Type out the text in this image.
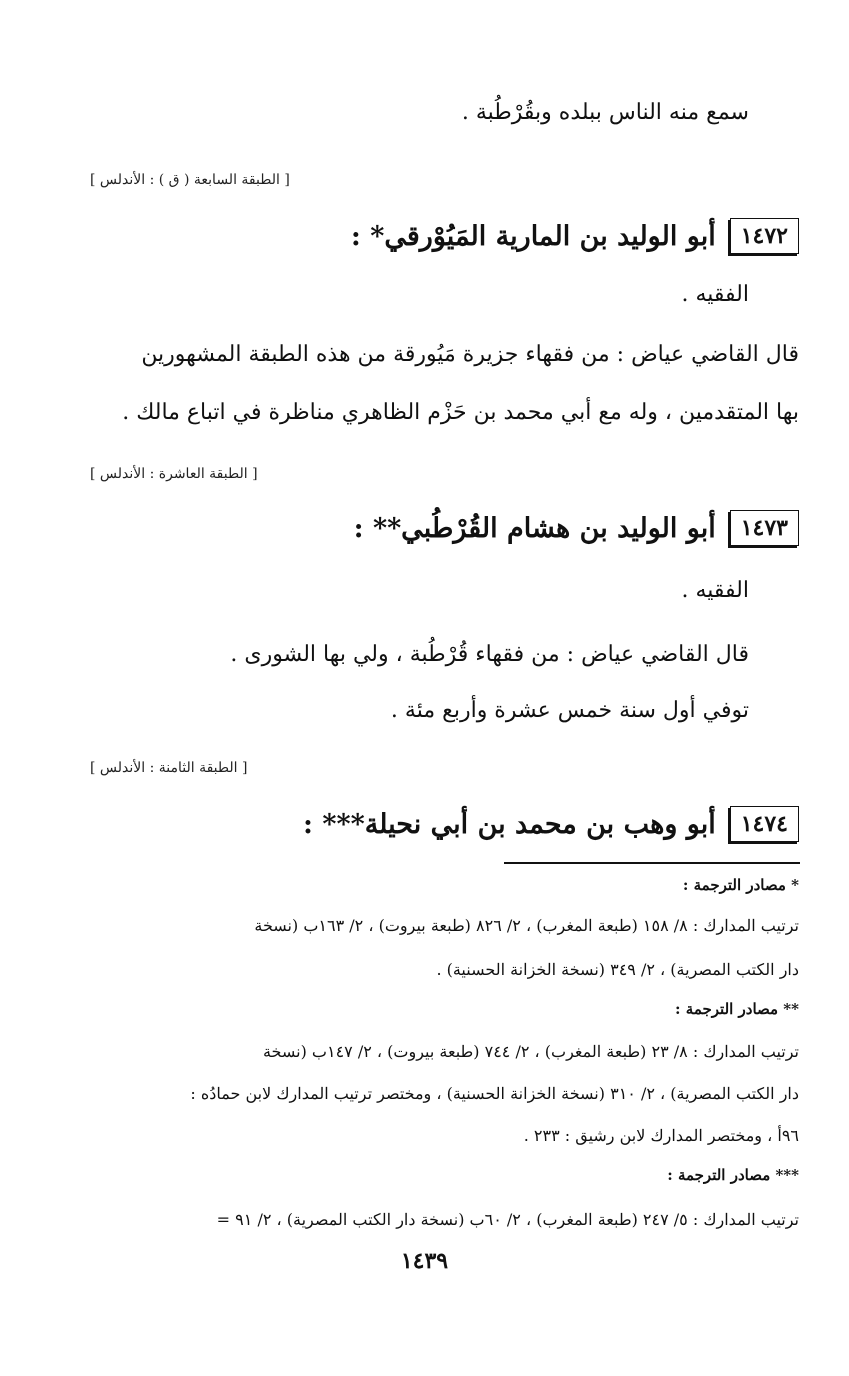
سمع منه الناس ببلده وبقُرْطُبة .
[ الطبقة السابعة ( ق ) : الأندلس ]
١٤٧٢
أبو الوليد بن المارية المَيُوْرقي* :
الفقيه .
قال القاضي عياض : من فقهاء جزيرة مَيُورقة من هذه الطبقة المشهورين
بها المتقدمين ، وله مع أبي محمد بن حَزْم الظاهري مناظرة في اتباع مالك .
[ الطبقة العاشرة : الأندلس ]
١٤٧٣
أبو الوليد بن هشام القُرْطُبي** :
الفقيه .
قال القاضي عياض : من فقهاء قُرْطُبة ، ولي بها الشورى .
توفي أول سنة خمس عشرة وأربع مئة .
[ الطبقة الثامنة : الأندلس ]
١٤٧٤
أبو وهب بن محمد بن أبي نحيلة*** :
* مصادر الترجمة :
ترتيب المدارك : ٨/ ١٥٨ (طبعة المغرب) ، ٢/ ٨٢٦ (طبعة بيروت) ، ٢/ ١٦٣ب (نسخة
دار الكتب المصرية) ، ٢/ ٣٤٩ (نسخة الخزانة الحسنية) .
** مصادر الترجمة :
ترتيب المدارك : ٨/ ٢٣ (طبعة المغرب) ، ٢/ ٧٤٤ (طبعة بيروت) ، ٢/ ١٤٧ب (نسخة
دار الكتب المصرية) ، ٢/ ٣١٠ (نسخة الخزانة الحسنية) ، ومختصر ترتيب المدارك لابن حمادُه :
٩٦أ ، ومختصر المدارك لابن رشيق : ٢٣٣ .
*** مصادر الترجمة :
ترتيب المدارك : ٥/ ٢٤٧ (طبعة المغرب) ، ٢/ ٦٠ب (نسخة دار الكتب المصرية) ، ٢/ ٩١ =
١٤٣٩
